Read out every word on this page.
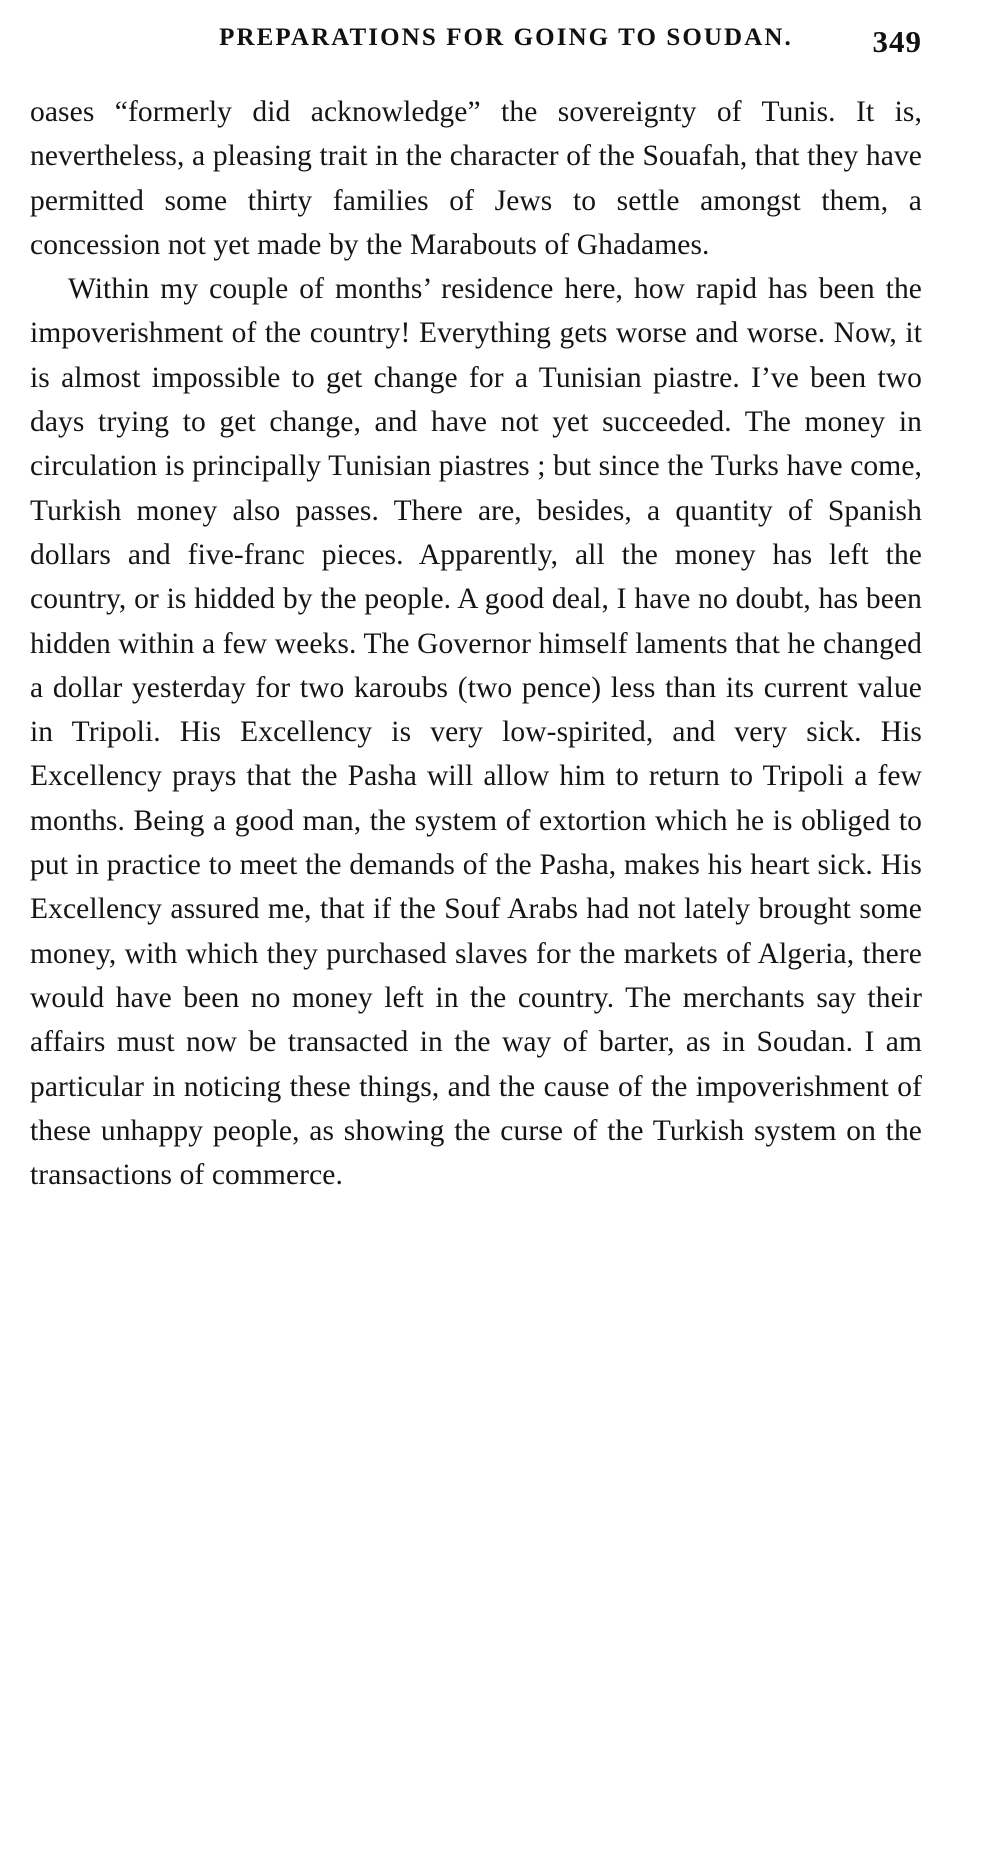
PREPARATIONS FOR GOING TO SOUDAN.	349

oases “formerly did acknowledge” the sovereignty of Tunis. It is, nevertheless, a pleasing trait in the character of the Souafah, that they have permitted some thirty families of Jews to settle amongst them, a concession not yet made by the Marabouts of Ghadames.

Within my couple of months’ residence here, how rapid has been the impoverishment of the country! Everything gets worse and worse. Now, it is almost impossible to get change for a Tunisian piastre. I’ve been two days trying to get change, and have not yet succeeded. The money in circulation is principally Tunisian piastres ; but since the Turks have come, Turkish money also passes. There are, besides, a quantity of Spanish dollars and five-franc pieces. Apparently, all the money has left the country, or is hidded by the people. A good deal, I have no doubt, has been hidden within a few weeks. The Governor himself laments that he changed a dollar yesterday for two karoubs (two pence) less than its current value in Tripoli. His Excellency is very low-spirited, and very sick. His Excellency prays that the Pasha will allow him to return to Tripoli a few months. Being a good man, the system of extortion which he is obliged to put in practice to meet the demands of the Pasha, makes his heart sick. His Excellency assured me, that if the Souf Arabs had not lately brought some money, with which they purchased slaves for the markets of Algeria, there would have been no money left in the country. The merchants say their affairs must now be transacted in the way of barter, as in Soudan. I am particular in noticing these things, and the cause of the impoverishment of these unhappy people, as showing the curse of the Turkish system on the transactions of commerce.
